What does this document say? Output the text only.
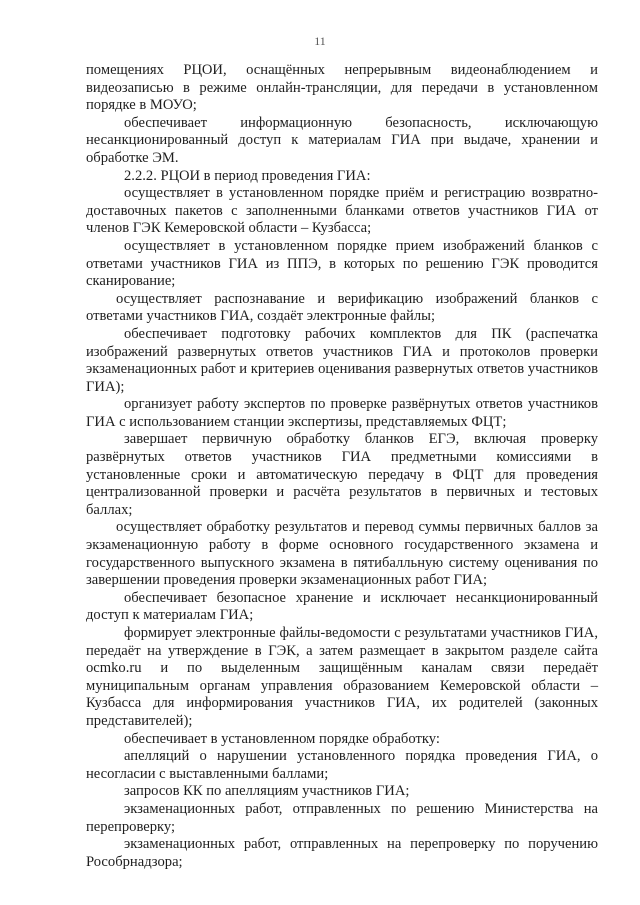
11

помещениях РЦОИ, оснащённых непрерывным видеонаблюдением и видеозаписью в режиме онлайн-трансляции, для передачи в установленном порядке в МОУО;

обеспечивает информационную безопасность, исключающую несанкционированный доступ к материалам ГИА при выдаче, хранении и обработке ЭМ.

2.2.2. РЦОИ в период проведения ГИА:

осуществляет в установленном порядке приём и регистрацию возвратно-доставочных пакетов с заполненными бланками ответов участников ГИА от членов ГЭК Кемеровской области – Кузбасса;

осуществляет в установленном порядке прием изображений бланков с ответами участников ГИА из ППЭ, в которых по решению ГЭК проводится сканирование;

осуществляет распознавание и верификацию изображений бланков с ответами участников ГИА, создаёт электронные файлы;

обеспечивает подготовку рабочих комплектов для ПК (распечатка изображений развернутых ответов участников ГИА и протоколов проверки экзаменационных работ и критериев оценивания развернутых ответов участников ГИА);

организует работу экспертов по проверке развёрнутых ответов участников ГИА с использованием станции экспертизы, представляемых ФЦТ;

завершает первичную обработку бланков ЕГЭ, включая проверку развёрнутых ответов участников ГИА предметными комиссиями в установленные сроки и автоматическую передачу в ФЦТ для проведения централизованной проверки и расчёта результатов в первичных и тестовых баллах;

осуществляет обработку результатов и перевод суммы первичных баллов за экзаменационную работу в форме основного государственного экзамена и государственного выпускного экзамена в пятибалльную систему оценивания по завершении проведения проверки экзаменационных работ ГИА;

обеспечивает безопасное хранение и исключает несанкционированный доступ к материалам ГИА;

формирует электронные файлы-ведомости с результатами участников ГИА, передаёт на утверждение в ГЭК, а затем размещает в закрытом разделе сайта ocmko.ru и по выделенным защищённым каналам связи передаёт муниципальным органам управления образованием Кемеровской области – Кузбасса для информирования участников ГИА, их родителей (законных представителей);

обеспечивает в установленном порядке обработку:

апелляций о нарушении установленного порядка проведения ГИА, о несогласии с выставленными баллами;

запросов КК по апелляциям участников ГИА;

экзаменационных работ, отправленных по решению Министерства на перепроверку;

экзаменационных работ, отправленных на перепроверку по поручению Рособрнадзора;
